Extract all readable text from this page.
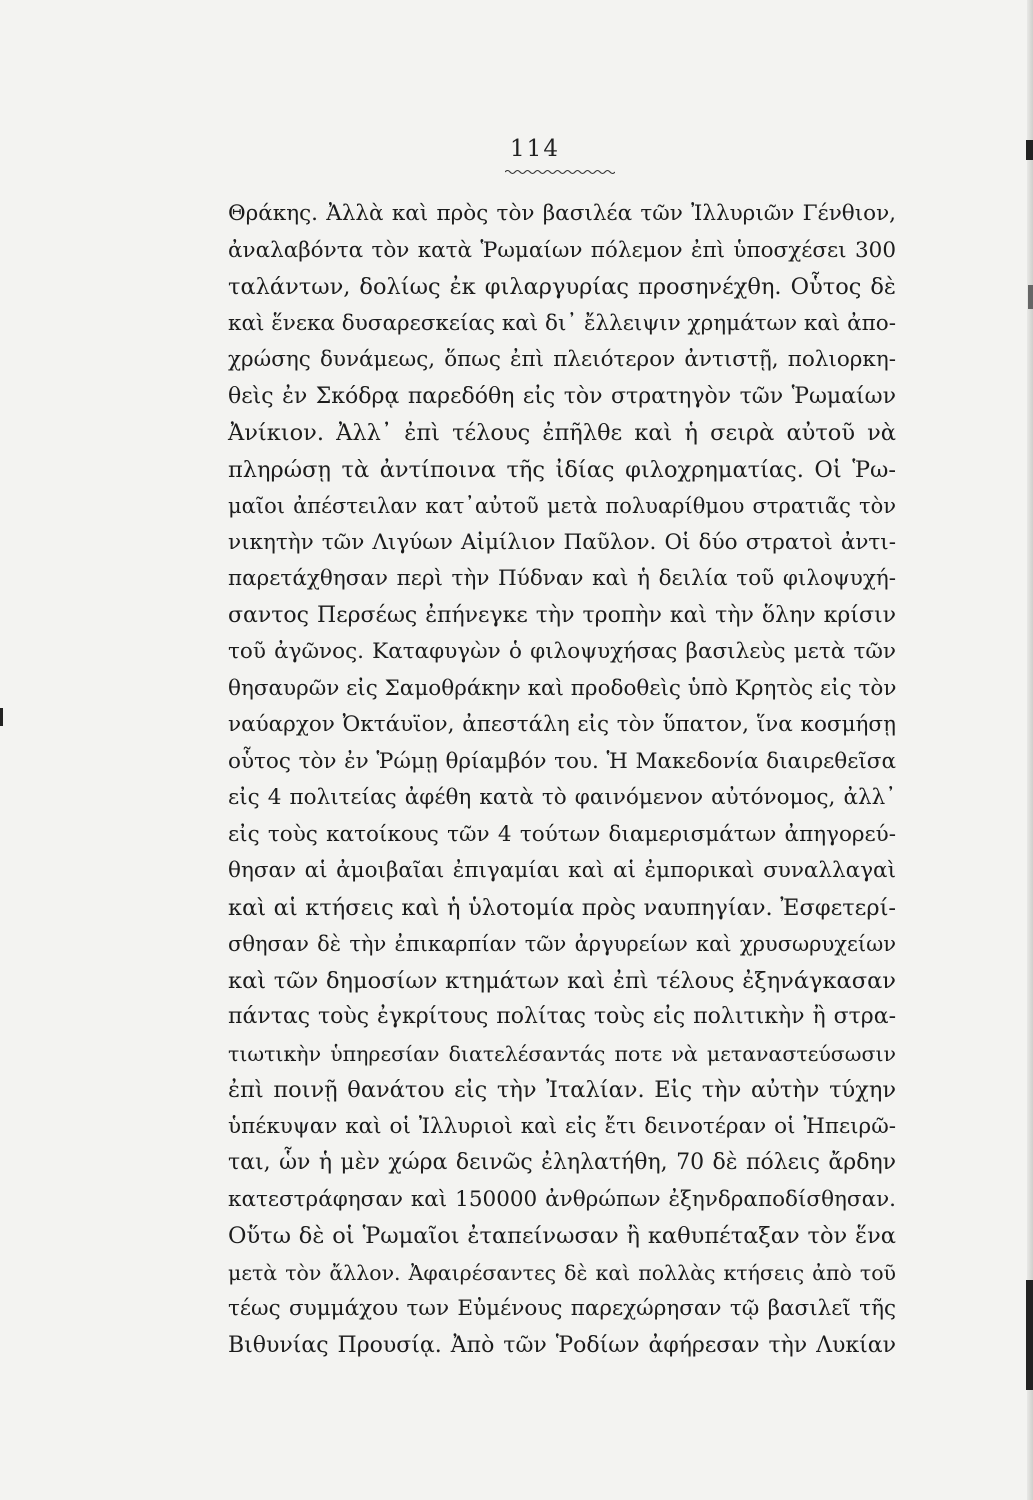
114
Θράκης. Ἀλλὰ καὶ πρὸς τὸν βασιλέα τῶν Ἰλλυριῶν Γένθιον,
ἀναλαβόντα τὸν κατὰ Ῥωμαίων πόλεμον ἐπὶ ὑποσχέσει 300
ταλάντων, δολίως ἐκ φιλαργυρίας προσηνέχθη. Οὗτος δὲ
καὶ ἕνεκα δυσαρεσκείας καὶ δι᾽ ἔλλειψιν χρημάτων καὶ ἀπο-
χρώσης δυνάμεως, ὅπως ἐπὶ πλειότερον ἀντιστῇ, πολιορκη-
θεὶς ἐν Σκόδρᾳ παρεδόθη εἰς τὸν στρατηγὸν τῶν Ῥωμαίων
Ἀνίκιον. Ἀλλ᾽ ἐπὶ τέλους ἐπῆλθε καὶ ἡ σειρὰ αὐτοῦ νὰ
πληρώσῃ τὰ ἀντίποινα τῆς ἰδίας φιλοχρηματίας. Οἱ Ῥω-
μαῖοι ἀπέστειλαν κατ᾽αὐτοῦ μετὰ πολυαρίθμου στρατιᾶς τὸν
νικητὴν τῶν Λιγύων Αἰμίλιον Παῦλον. Οἱ δύο στρατοὶ ἀντι-
παρετάχθησαν περὶ τὴν Πύδναν καὶ ἡ δειλία τοῦ φιλοψυχή-
σαντος Περσέως ἐπήνεγκε τὴν τροπὴν καὶ τὴν ὅλην κρίσιν
τοῦ ἀγῶνος. Καταφυγὼν ὁ φιλοψυχήσας βασιλεὺς μετὰ τῶν
θησαυρῶν εἰς Σαμοθράκην καὶ προδοθεὶς ὑπὸ Κρητὸς εἰς τὸν
ναύαρχον Ὀκτάυϊον, ἀπεστάλη εἰς τὸν ὕπατον, ἵνα κοσμήσῃ
οὗτος τὸν ἐν Ῥώμῃ θρίαμβόν του. Ἡ Μακεδονία διαιρεθεῖσα
εἰς 4 πολιτείας ἀφέθη κατὰ τὸ φαινόμενον αὐτόνομος, ἀλλ᾽
εἰς τοὺς κατοίκους τῶν 4 τούτων διαμερισμάτων ἀπηγορεύ-
θησαν αἱ ἀμοιβαῖαι ἐπιγαμίαι καὶ αἱ ἐμπορικαὶ συναλλαγαὶ
καὶ αἱ κτήσεις καὶ ἡ ὑλοτομία πρὸς ναυπηγίαν. Ἐσφετερί-
σθησαν δὲ τὴν ἐπικαρπίαν τῶν ἀργυρείων καὶ χρυσωρυχείων
καὶ τῶν δημοσίων κτημάτων καὶ ἐπὶ τέλους ἐξηνάγκασαν
πάντας τοὺς ἐγκρίτους πολίτας τοὺς εἰς πολιτικὴν ἢ στρα-
τιωτικὴν ὑπηρεσίαν διατελέσαντάς ποτε νὰ μεταναστεύσωσιν
ἐπὶ ποινῇ θανάτου εἰς τὴν Ἰταλίαν. Εἰς τὴν αὐτὴν τύχην
ὑπέκυψαν καὶ οἱ Ἰλλυριοὶ καὶ εἰς ἔτι δεινοτέραν οἱ Ἠπειρῶ-
ται, ὧν ἡ μὲν χώρα δεινῶς ἐληλατήθη, 70 δὲ πόλεις ἄρδην
κατεστράφησαν καὶ 150000 ἀνθρώπων ἐξηνδραποδίσθησαν.
Οὕτω δὲ οἱ Ῥωμαῖοι ἐταπείνωσαν ἢ καθυπέταξαν τὸν ἕνα
μετὰ τὸν ἄλλον. Ἀφαιρέσαντες δὲ καὶ πολλὰς κτήσεις ἀπὸ τοῦ
τέως συμμάχου των Εὐμένους παρεχώρησαν τῷ βασιλεῖ τῆς
Βιθυνίας Προυσίᾳ. Ἀπὸ τῶν Ῥοδίων ἀφήρεσαν τὴν Λυκίαν
